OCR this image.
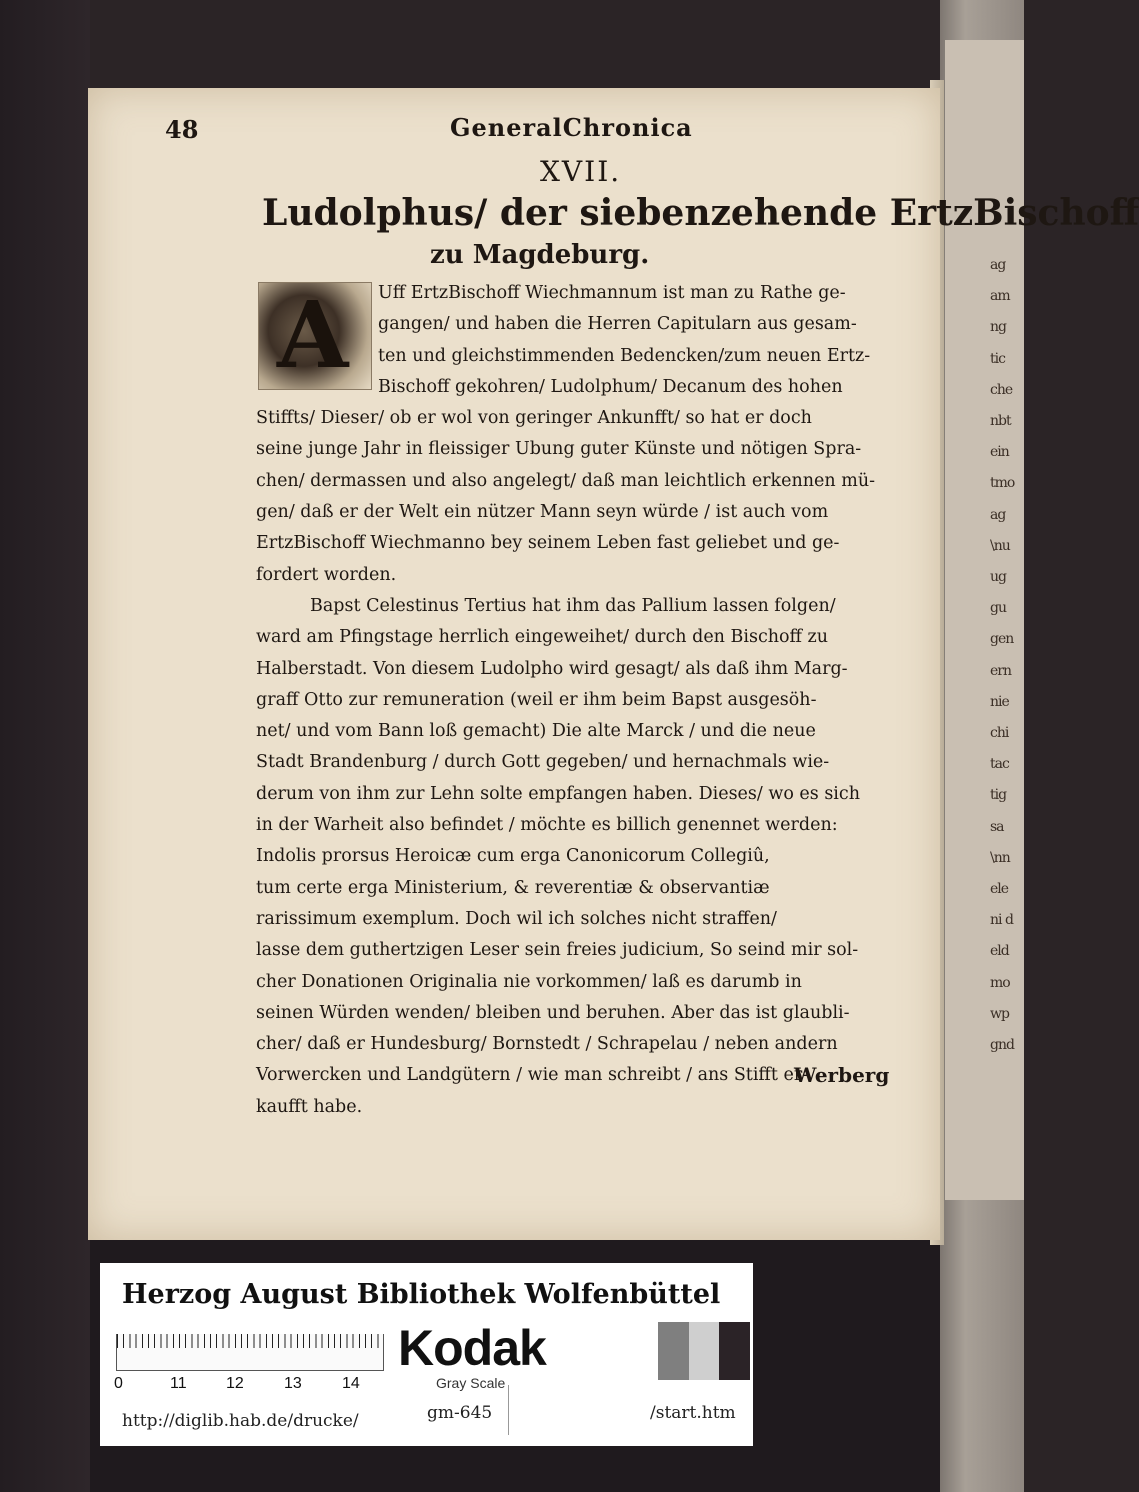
ag
am
ng
tic
che
nbt
ein
tmo
ag
\nu
ug
gu
gen
ern
nie
chi
tac
tig
sa
\nn
ele
ni d
eld
mo
wp
gnd
48	GeneralChronica
XVII.
Ludolphus/ der siebenzehende ErtzBischoff
zu Magdeburg.
Uff ErtzBischoff Wiechmannum ist man zu Rathe ge-
gangen/ und haben die Herren Capitularn aus gesam-
ten und gleichstimmenden Bedencken/zum neuen Ertz-
Bischoff gekohren/ Ludolphum/ Decanum des hohen
Stiffts/ Dieser/ ob er wol von geringer Ankunfft/ so hat er doch
seine junge Jahr in fleissiger Ubung guter Künste und nötigen Spra-
chen/ dermassen und also angelegt/ daß man leichtlich erkennen mü-
gen/ daß er der Welt ein nützer Mann seyn würde / ist auch vom
ErtzBischoff Wiechmanno bey seinem Leben fast geliebet und ge-
fordert worden.
Bapst Celestinus Tertius hat ihm das Pallium lassen folgen/
ward am Pfingstage herrlich eingeweihet/ durch den Bischoff zu
Halberstadt. Von diesem Ludolpho wird gesagt/ als daß ihm Marg-
graff Otto zur remuneration (weil er ihm beim Bapst ausgesöh-
net/ und vom Bann loß gemacht) Die alte Marck / und die neue
Stadt Brandenburg / durch Gott gegeben/ und hernachmals wie-
derum von ihm zur Lehn solte empfangen haben. Dieses/ wo es sich
in der Warheit also befindet / möchte es billich genennet werden:
Indolis prorsus Heroicæ cum erga Canonicorum Collegiû,
tum certe erga Ministerium, & reverentiæ & observantiæ
rarissimum exemplum. Doch wil ich solches nicht straffen/
lasse dem guthertzigen Leser sein freies judicium, So seind mir sol-
cher Donationen Originalia nie vorkommen/ laß es darumb in
seinen Würden wenden/ bleiben und beruhen. Aber das ist glaubli-
cher/ daß er Hundesburg/ Bornstedt / Schrapelau / neben andern
Vorwercken und Landgütern / wie man schreibt / ans Stifft er-
kaufft habe.
A
Werberg
Herzog August Bibliothek Wolfenbüttel
0	11 12	13	14
Kodak
Gray Scale
http://diglib.hab.de/drucke/	gm-645	/start.htm
